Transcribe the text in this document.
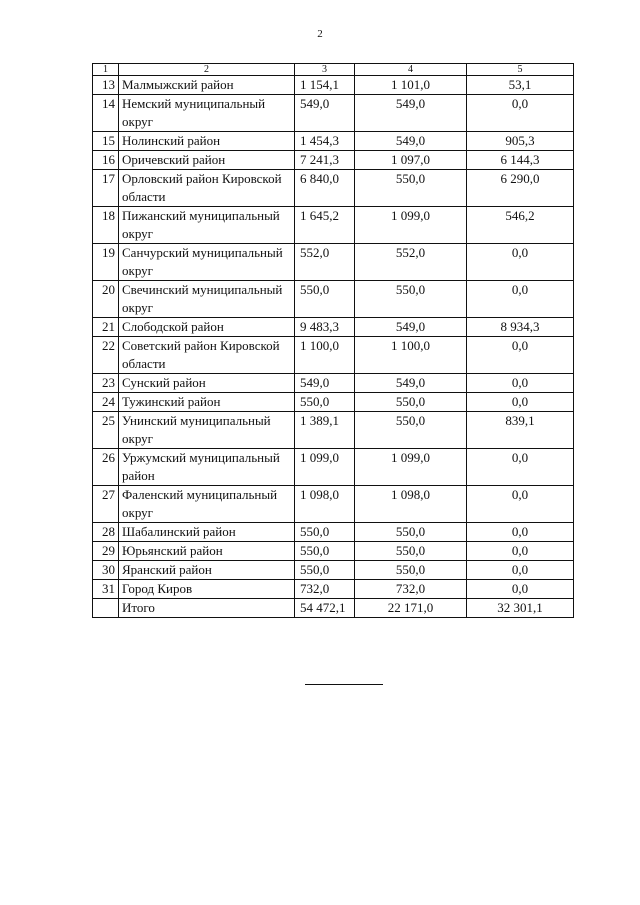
2
1	2	3	4	5
13	Малмыжский район	1 154,1	1 101,0	53,1
14	Немский муниципальный округ	549,0	549,0	0,0
15	Нолинский район	1 454,3	549,0	905,3
16	Оричевский район	7 241,3	1 097,0	6 144,3
17	Орловский район Кировской области	6 840,0	550,0	6 290,0
18	Пижанский муниципальный округ	1 645,2	1 099,0	546,2
19	Санчурский муниципальный округ	552,0	552,0	0,0
20	Свечинский муниципальный округ	550,0	550,0	0,0
21	Слободской район	9 483,3	549,0	8 934,3
22	Советский район Кировской области	1 100,0	1 100,0	0,0
23	Сунский район	549,0	549,0	0,0
24	Тужинский район	550,0	550,0	0,0
25	Унинский муниципальный округ	1 389,1	550,0	839,1
26	Уржумский муниципальный район	1 099,0	1 099,0	0,0
27	Фаленский муниципальный округ	1 098,0	1 098,0	0,0
28	Шабалинский район	550,0	550,0	0,0
29	Юрьянский район	550,0	550,0	0,0
30	Яранский район	550,0	550,0	0,0
31	Город Киров	732,0	732,0	0,0
	Итого	54 472,1	22 171,0	32 301,1
